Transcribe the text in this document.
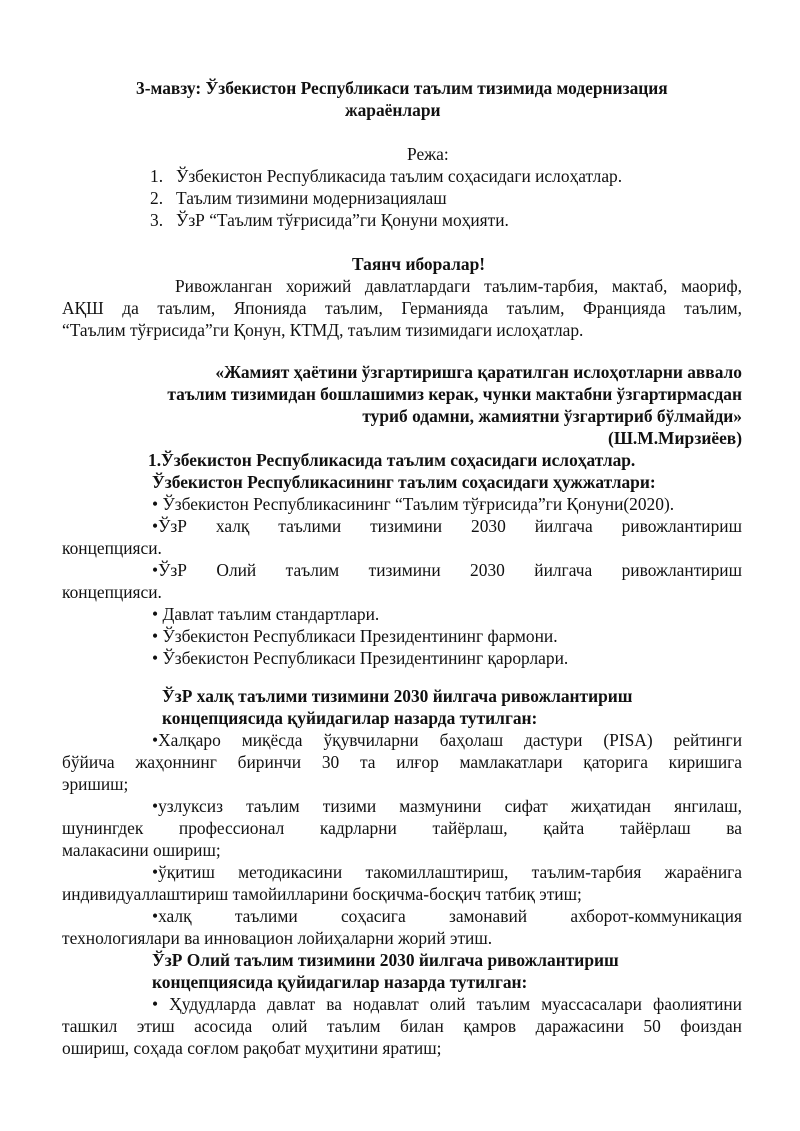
3-мавзу: Ўзбекистон Республикаси таълим тизимида модернизация
жараёнлари
Режа:
1. Ўзбекистон Республикасида таълим соҳасидаги ислоҳатлар.
2. Таълим тизимини модернизациялаш
3. ЎзР “Таълим тўғрисида”ги Қонуни моҳияти.
Таянч иборалар!
Ривожланган хорижий давлатлардаги таълим-тарбия, мактаб, маориф,
АҚШ да таълим, Японияда таълим, Германияда таълим, Францияда таълим,
“Таълим тўғрисида”ги Қонун, КТМД, таълим тизимидаги ислоҳатлар.
«Жамият ҳаётини ўзгартиришга қаратилган ислоҳотларни аввало
таълим тизимидан бошлашимиз керак, чунки мактабни ўзгартирмасдан
туриб одамни, жамиятни ўзгартириб бўлмайди»
(Ш.М.Мирзиёев)
1.Ўзбекистон Республикасида таълим соҳасидаги ислоҳатлар.
Ўзбекистон Республикасининг таълим соҳасидаги ҳужжатлари:
• Ўзбекистон Республикасининг “Таълим тўғрисида”ги Қонуни(2020).
•ЎзР халқ таълими тизимини 2030 йилгача ривожлантириш
концепцияси.
•ЎзР Олий таълим тизимини 2030 йилгача ривожлантириш
концепцияси.
• Давлат таълим стандартлари.
• Ўзбекистон Республикаси Президентининг фармони.
• Ўзбекистон Республикаси Президентининг қарорлари.
ЎзР халқ таълими тизимини 2030 йилгача ривожлантириш
концепциясида қуйидагилар назарда тутилган:
•Халқаро миқёсда ўқувчиларни баҳолаш дастури (PISA) рейтинги
бўйича жаҳоннинг биринчи 30 та илғор мамлакатлари қаторига киришига
эришиш;
•узлуксиз таълим тизими мазмунини сифат жиҳатидан янгилаш,
шунингдек профессионал кадрларни тайёрлаш, қайта тайёрлаш ва
малакасини ошириш;
•ўқитиш методикасини такомиллаштириш, таълим-тарбия жараёнига
индивидуаллаштириш тамойилларини босқичма-босқич татбиқ этиш;
•халқ таълими соҳасига замонавий ахборот-коммуникация
технологиялари ва инновацион лойиҳаларни жорий этиш.
ЎзР Олий таълим тизимини 2030 йилгача ривожлантириш
концепциясида қуйидагилар назарда тутилган:
• Ҳудудларда давлат ва нодавлат олий таълим муассасалари фаолиятини
ташкил этиш асосида олий таълим билан қамров даражасини 50 фоиздан
ошириш, соҳада соғлом рақобат муҳитини яратиш;
